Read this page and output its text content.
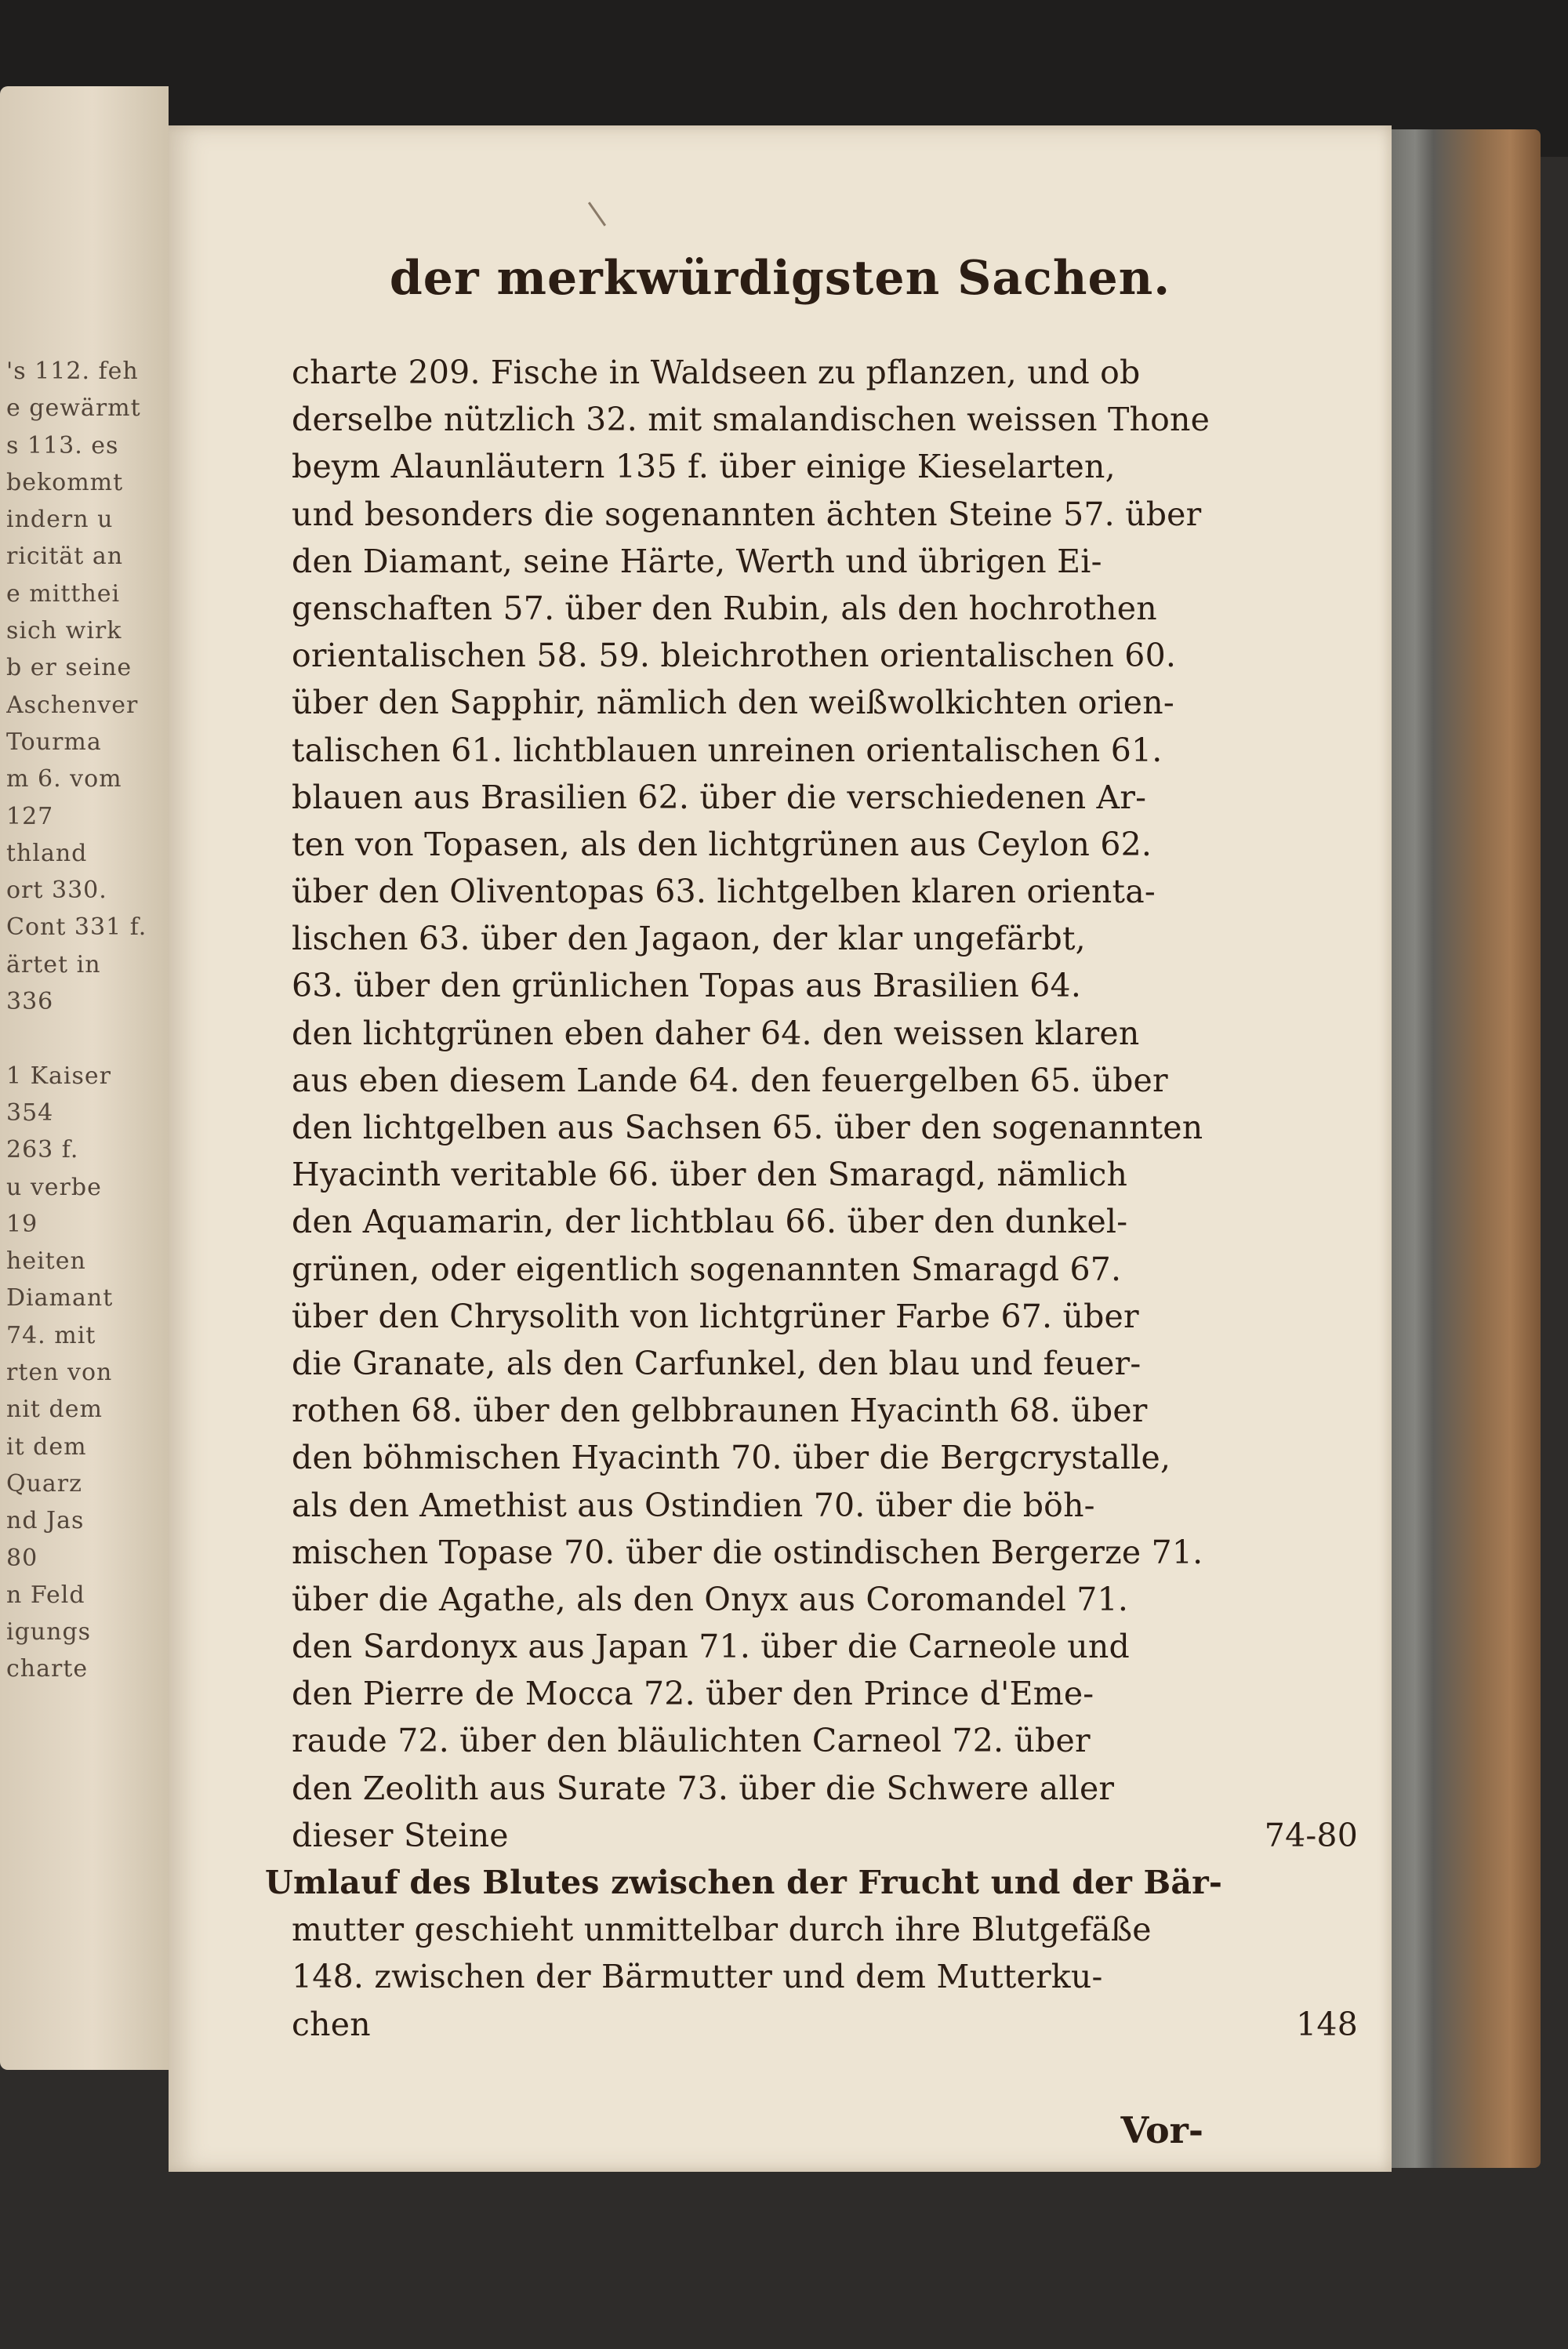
's 112. feh
e gewärmt
s 113. es
bekommt
indern u
ricität an
e mitthei
sich wirk
b er seine
Aschenver
Tourma
m 6. vom
127
thland
ort 330.
Cont 331 f.
ärtet in
336
1 Kaiser
354
263 f.
u verbe
19
heiten
Diamant
74. mit
rten von
nit dem
it dem
Quarz
nd Jas
80
n Feld
igungs
charte
der merkwürdigsten Sachen.
charte 209. Fische in Waldseen zu pflanzen, und ob
derselbe nützlich 32. mit smalandischen weissen Thone
beym Alaunläutern 135 f. über einige Kieselarten,
und besonders die sogenannten ächten Steine 57. über
den Diamant, seine Härte, Werth und übrigen Ei-
genschaften 57. über den Rubin, als den hochrothen
orientalischen 58. 59. bleichrothen orientalischen 60.
über den Sapphir, nämlich den weißwolkichten orien-
talischen 61. lichtblauen unreinen orientalischen 61.
blauen aus Brasilien 62. über die verschiedenen Ar-
ten von Topasen, als den lichtgrünen aus Ceylon 62.
über den Oliventopas 63. lichtgelben klaren orienta-
lischen 63. über den Jagaon, der klar ungefärbt,
63. über den grünlichen Topas aus Brasilien 64.
den lichtgrünen eben daher 64. den weissen klaren
aus eben diesem Lande 64. den feuergelben 65. über
den lichtgelben aus Sachsen 65. über den sogenannten
Hyacinth veritable 66. über den Smaragd, nämlich
den Aquamarin, der lichtblau 66. über den dunkel-
grünen, oder eigentlich sogenannten Smaragd 67.
über den Chrysolith von lichtgrüner Farbe 67. über
die Granate, als den Carfunkel, den blau und feuer-
rothen 68. über den gelbbraunen Hyacinth 68. über
den böhmischen Hyacinth 70. über die Bergcrystalle,
als den Amethist aus Ostindien 70. über die böh-
mischen Topase 70. über die ostindischen Bergerze 71.
über die Agathe, als den Onyx aus Coromandel 71.
den Sardonyx aus Japan 71. über die Carneole und
den Pierre de Mocca 72. über den Prince d'Eme-
raude 72. über den bläulichten Carneol 72. über
den Zeolith aus Surate 73. über die Schwere aller
dieser Steine	74-80
Umlauf des Blutes zwischen der Frucht und der Bär-
mutter geschieht unmittelbar durch ihre Blutgefäße
148. zwischen der Bärmutter und dem Mutterku-
chen	148
Vor-
